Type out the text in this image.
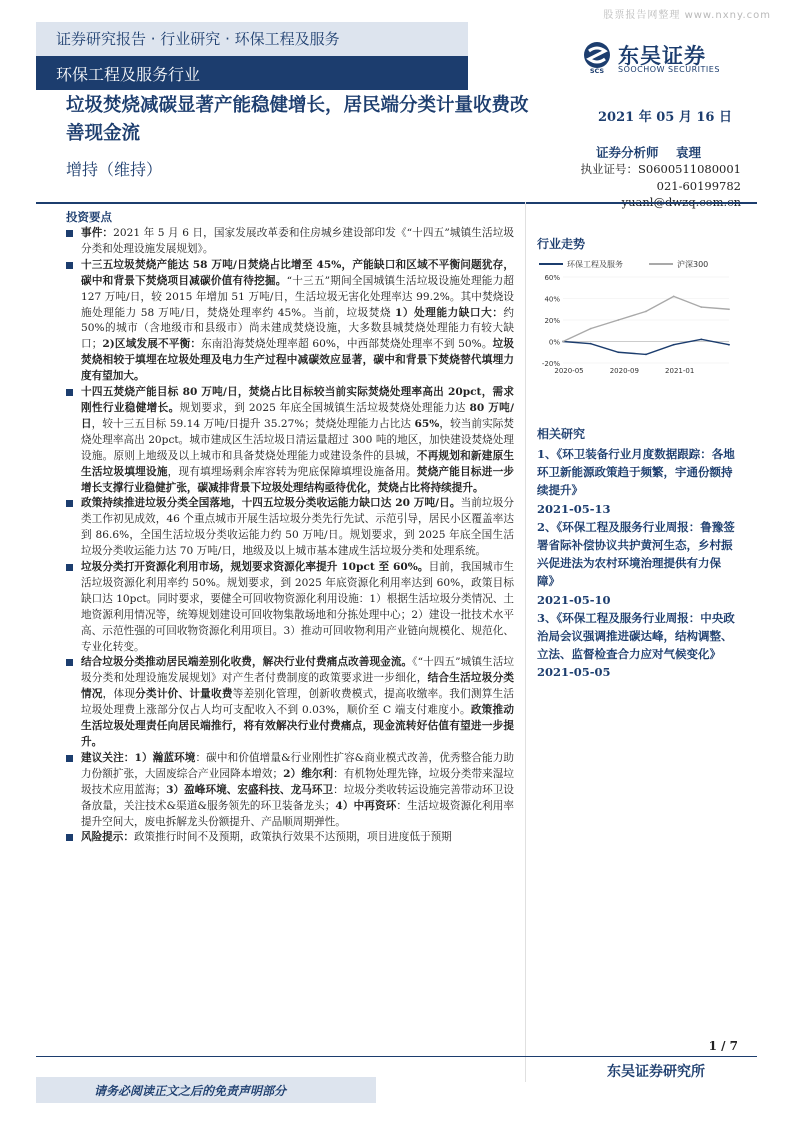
股票报告网整理 www.nxny.com
证券研究报告 · 行业研究 · 环保工程及服务
环保工程及服务行业	SCS
东吴证券
SOOCHOW SECURITIES
垃圾焚烧减碳显著产能稳健增长，居民端分类计量收费改善现金流
增持（维持）
2021 年 05 月 16 日
证券分析师 袁理
执业证号：S0600511080001
021-60199782
投资要点
事件：2021 年 5 月 6 日，国家发展改革委和住房城乡建设部印发《“十四五”城镇生活垃圾分类和处理设施发展规划》。
十三五垃圾焚烧产能达 58 万吨/日焚烧占比增至 45%，产能缺口和区域不平衡问题犹存，碳中和背景下焚烧项目减碳价值有待挖掘。“十三五”期间全国城镇生活垃圾设施处理能力超 127 万吨/日，较 2015 年增加 51 万吨/日，生活垃圾无害化处理率达 99.2%。其中焚烧设施处理能力 58 万吨/日，焚烧处理率约 45%。当前，垃圾焚烧 1）处理能力缺口大：约 50%的城市（含地级市和县级市）尚未建成焚烧设施，大多数县城焚烧处理能力有较大缺口；2)区域发展不平衡：东南沿海焚烧处理率超 60%，中西部焚烧处理率不到 50%。垃圾焚烧相较于填埋在垃圾处理及电力生产过程中减碳效应显著，碳中和背景下焚烧替代填埋力度有望加大。
十四五焚烧产能目标 80 万吨/日，焚烧占比目标较当前实际焚烧处理率高出 20pct，需求刚性行业稳健增长。规划要求，到 2025 年底全国城镇生活垃圾焚烧处理能力达 80 万吨/日，较十三五目标 59.14 万吨/日提升 35.27%；焚烧处理能力占比达 65%，较当前实际焚烧处理率高出 20pct。城市建成区生活垃圾日清运量超过 300 吨的地区，加快建设焚烧处理设施。原则上地级及以上城市和具备焚烧处理能力或建设条件的县城，不再规划和新建原生生活垃圾填埋设施，现有填埋场剩余库容转为兜底保障填埋设施备用。焚烧产能目标进一步增长支撑行业稳健扩张，碳减排背景下垃圾处理结构亟待优化，焚烧占比将持续提升。
政策持续推进垃圾分类全国落地，十四五垃圾分类收运能力缺口达 20 万吨/日。当前垃圾分类工作初见成效，46 个重点城市开展生活垃圾分类先行先试、示范引导，居民小区覆盖率达到 86.6%，全国生活垃圾分类收运能力约 50 万吨/日。规划要求，到 2025 年底全国生活垃圾分类收运能力达 70 万吨/日，地级及以上城市基本建成生活垃圾分类和处理系统。
垃圾分类打开资源化利用市场，规划要求资源化率提升 10pct 至 60%。目前，我国城市生活垃圾资源化利用率约 50%。规划要求，到 2025 年底资源化利用率达到 60%，政策目标缺口达 10pct。同时要求，要健全可回收物资源化利用设施：1）根据生活垃圾分类情况、土地资源利用情况等，统筹规划建设可回收物集散场地和分拣处理中心；2）建设一批技术水平高、示范性强的可回收物资源化利用项目。3）推动可回收物利用产业链向规模化、规范化、专业化转变。
结合垃圾分类推动居民端差别化收费，解决行业付费痛点改善现金流。《“十四五”城镇生活垃圾分类和处理设施发展规划》对产生者付费制度的政策要求进一步细化，结合生活垃圾分类情况，体现分类计价、计量收费等差别化管理，创新收费模式，提高收缴率。我们测算生活垃圾处理费上涨部分仅占人均可支配收入不到 0.03%，顺价至 C 端支付难度小。政策推动生活垃圾处理责任向居民端推行，将有效解决行业付费痛点，现金流转好估值有望进一步提升。
建议关注：1）瀚蓝环境：碳中和价值增量&行业刚性扩容&商业模式改善，优秀整合能力助力份额扩张，大固废综合产业园降本增效；2）维尔利：有机物处理先锋，垃圾分类带来湿垃圾技术应用蓝海；3）盈峰环境、宏盛科技、龙马环卫：垃圾分类收转运设施完善带动环卫设备放量，关注技术&渠道&服务领先的环卫装备龙头；4）中再资环：生活垃圾资源化利用率提升空间大，废电拆解龙头份额提升、产品顺周期弹性。
风险提示：政策推行时间不及预期，政策执行效果不达预期，项目进度低于预期
行业走势
环保工程及服务	沪深300
-20%
0%
20%
40%
60%
2020-05	2020-09	2021-01
相关研究
1、《环卫装备行业月度数据跟踪：各地环卫新能源政策趋于频繁，宇通份额持续提升》
2021-05-13
2、《环保工程及服务行业周报：鲁豫签署省际补偿协议共护黄河生态，乡村振兴促进法为农村环境治理提供有力保障》
2021-05-10
3、《环保工程及服务行业周报：中央政治局会议强调推进碳达峰，结构调整、立法、监督检查合力应对气候变化》
2021-05-05
1 / 7
东吴证券研究所
请务必阅读正文之后的免责声明部分
